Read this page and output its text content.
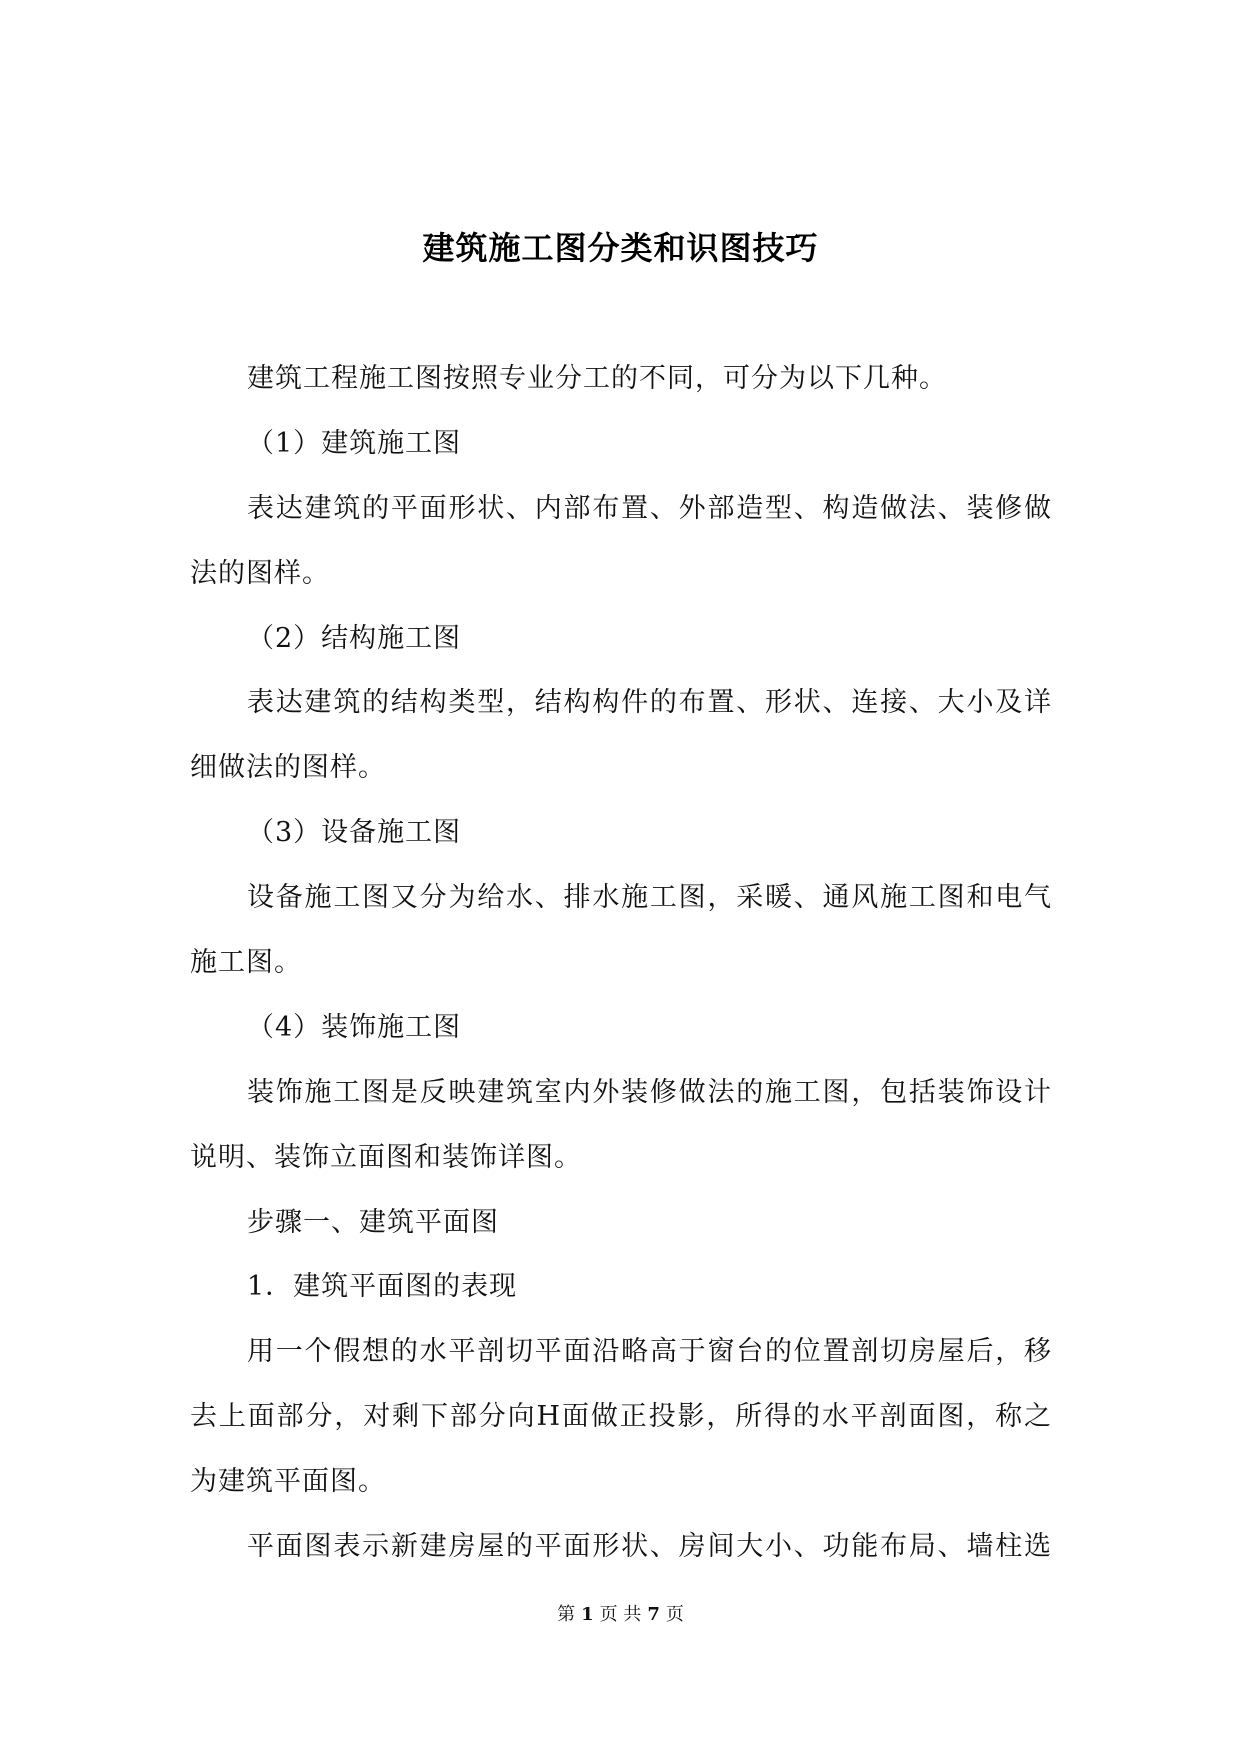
建筑施工图分类和识图技巧
建筑工程施工图按照专业分工的不同，可分为以下几种。
（1）建筑施工图
表达建筑的平面形状、内部布置、外部造型、构造做法、装修做
法的图样。
（2）结构施工图
表达建筑的结构类型，结构构件的布置、形状、连接、大小及详
细做法的图样。
（3）设备施工图
设备施工图又分为给水、排水施工图，采暖、通风施工图和电气
施工图。
（4）装饰施工图
装饰施工图是反映建筑室内外装修做法的施工图，包括装饰设计
说明、装饰立面图和装饰详图。
步骤一、建筑平面图
1．建筑平面图的表现
用一个假想的水平剖切平面沿略高于窗台的位置剖切房屋后，移
去上面部分，对剩下部分向H面做正投影，所得的水平剖面图，称之
为建筑平面图。
平面图表示新建房屋的平面形状、房间大小、功能布局、墙柱选
第 1 页 共 7 页
